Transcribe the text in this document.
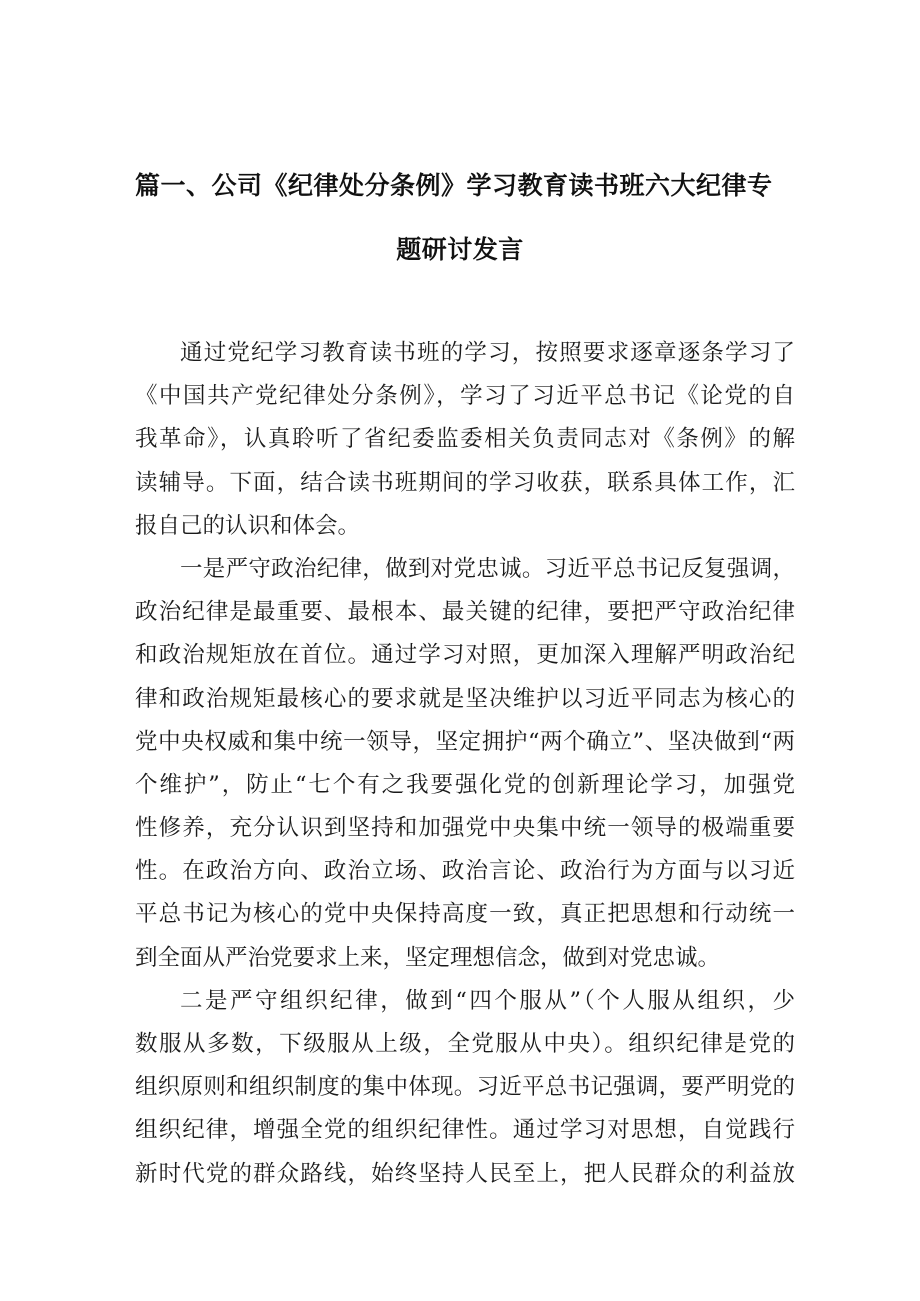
篇一、公司《纪律处分条例》学习教育读书班六大纪律专
题研讨发言
通过党纪学习教育读书班的学习，按照要求逐章逐条学习了
《中国共产党纪律处分条例》，学习了习近平总书记《论党的自
我革命》，认真聆听了省纪委监委相关负责同志对《条例》的解
读辅导。下面，结合读书班期间的学习收获，联系具体工作，汇
报自己的认识和体会。
一是严守政治纪律，做到对党忠诚。习近平总书记反复强调，
政治纪律是最重要、最根本、最关键的纪律，要把严守政治纪律
和政治规矩放在首位。通过学习对照，更加深入理解严明政治纪
律和政治规矩最核心的要求就是坚决维护以习近平同志为核心的
党中央权威和集中统一领导，坚定拥护“两个确立”、坚决做到“两
个维护”，防止“七个有之我要强化党的创新理论学习，加强党
性修养，充分认识到坚持和加强党中央集中统一领导的极端重要
性。在政治方向、政治立场、政治言论、政治行为方面与以习近
平总书记为核心的党中央保持高度一致，真正把思想和行动统一
到全面从严治党要求上来，坚定理想信念，做到对党忠诚。
二是严守组织纪律，做到“四个服从”（个人服从组织，少
数服从多数，下级服从上级，全党服从中央）。组织纪律是党的
组织原则和组织制度的集中体现。习近平总书记强调，要严明党的
组织纪律，增强全党的组织纪律性。通过学习对思想，自觉践行
新时代党的群众路线，始终坚持人民至上，把人民群众的利益放
